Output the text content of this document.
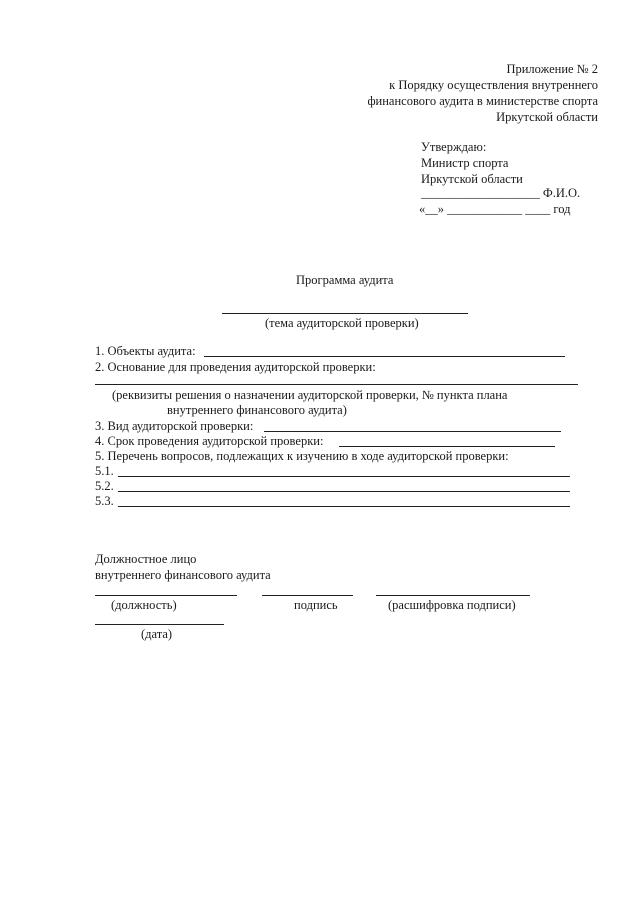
Приложение № 2
к Порядку осуществления внутреннего
финансового аудита в министерстве спорта
Иркутской области
Утверждаю:
Министр спорта
Иркутской области
___________________ Ф.И.О.
«__» ____________ ____ год
Программа аудита
(тема аудиторской проверки)
1. Объекты аудита:
2. Основание для проведения аудиторской проверки:
(реквизиты решения о назначении аудиторской проверки, № пункта плана
внутреннего финансового аудита)
3. Вид аудиторской проверки:
4. Срок проведения аудиторской проверки:
5. Перечень вопросов, подлежащих к изучению в ходе аудиторской проверки:
5.1.
5.2.
5.3.
Должностное лицо
внутреннего финансового аудита
(должность)	подпись	(расшифровка подписи)
(дата)
